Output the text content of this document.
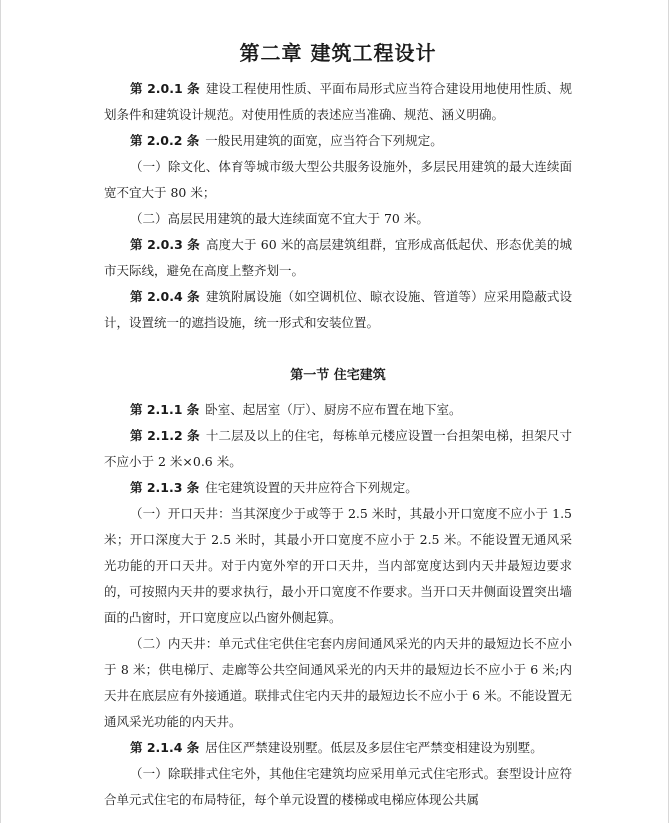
第二章 建筑工程设计

第 2.0.1 条 建设工程使用性质、平面布局形式应当符合建设用地使用性质、规划条件和建筑设计规范。对使用性质的表述应当准确、规范、涵义明确。

第 2.0.2 条 一般民用建筑的面宽，应当符合下列规定。

（一）除文化、体育等城市级大型公共服务设施外，多层民用建筑的最大连续面宽不宜大于 80 米；

（二）高层民用建筑的最大连续面宽不宜大于 70 米。

第 2.0.3 条 高度大于 60 米的高层建筑组群，宜形成高低起伏、形态优美的城市天际线，避免在高度上整齐划一。

第 2.0.4 条 建筑附属设施（如空调机位、晾衣设施、管道等）应采用隐蔽式设计，设置统一的遮挡设施，统一形式和安装位置。

第一节 住宅建筑

第 2.1.1 条 卧室、起居室（厅）、厨房不应布置在地下室。

第 2.1.2 条 十二层及以上的住宅，每栋单元楼应设置一台担架电梯，担架尺寸不应小于 2 米×0.6 米。

第 2.1.3 条 住宅建筑设置的天井应符合下列规定。

（一）开口天井：当其深度少于或等于 2.5 米时，其最小开口宽度不应小于 1.5 米；开口深度大于 2.5 米时，其最小开口宽度不应小于 2.5 米。不能设置无通风采光功能的开口天井。对于内宽外窄的开口天井，当内部宽度达到内天井最短边要求的，可按照内天井的要求执行，最小开口宽度不作要求。当开口天井侧面设置突出墙面的凸窗时，开口宽度应以凸窗外侧起算。

（二）内天井：单元式住宅供住宅套内房间通风采光的内天井的最短边长不应小于 8 米；供电梯厅、走廊等公共空间通风采光的内天井的最短边长不应小于 6 米;内天井在底层应有外接通道。联排式住宅内天井的最短边长不应小于 6 米。不能设置无通风采光功能的内天井。

第 2.1.4 条 居住区严禁建设别墅。低层及多层住宅严禁变相建设为别墅。

（一）除联排式住宅外，其他住宅建筑均应采用单元式住宅形式。套型设计应符合单元式住宅的布局特征，每个单元设置的楼梯或电梯应体现公共属
